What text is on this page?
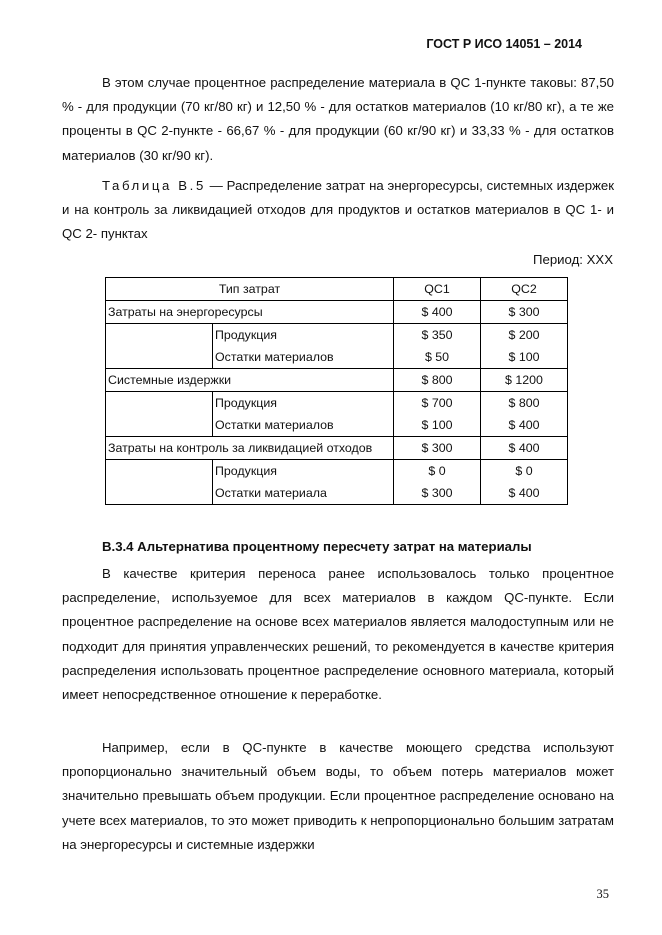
ГОСТ Р ИСО 14051 – 2014
В этом случае процентное распределение материала в QC 1-пункте таковы: 87,50 % - для продукции (70 кг/80 кг) и 12,50 % - для остатков материалов (10 кг/80 кг), а те же проценты в QC 2-пункте - 66,67 % - для продукции (60 кг/90 кг) и 33,33 % - для остатков материалов (30 кг/90 кг).
Таблица В.5 — Распределение затрат на энергоресурсы, системных издержек и на контроль за ликвидацией отходов для продуктов и остатков материалов в QC 1- и QC 2- пунктах
Период: XXX
Тип затрат		QC1	QC2
Затраты на энергоресурсы		$ 400	$ 300
	Продукция	$ 350	$ 200
	Остатки материалов	$ 50	$ 100
Системные издержки		$ 800	$ 1200
	Продукция	$ 700	$ 800
	Остатки материалов	$ 100	$ 400
Затраты на контроль за ликвидацией отходов		$ 300	$ 400
	Продукция	$ 0	$ 0
	Остатки материала	$ 300	$ 400
В.3.4 Альтернатива процентному пересчету затрат на материалы
В качестве критерия переноса ранее использовалось только процентное распределение, используемое для всех материалов в каждом QC-пункте. Если процентное распределение на основе всех материалов является малодоступным или не подходит для принятия управленческих решений, то рекомендуется в качестве критерия распределения использовать процентное распределение основного материала, который имеет непосредственное отношение к переработке.
Например, если в QC-пункте в качестве моющего средства используют пропорционально значительный объем воды, то объем потерь материалов может значительно превышать объем продукции. Если процентное распределение основано на учете всех материалов, то это может приводить к непропорционально большим затратам на энергоресурсы и системные издержки
35
